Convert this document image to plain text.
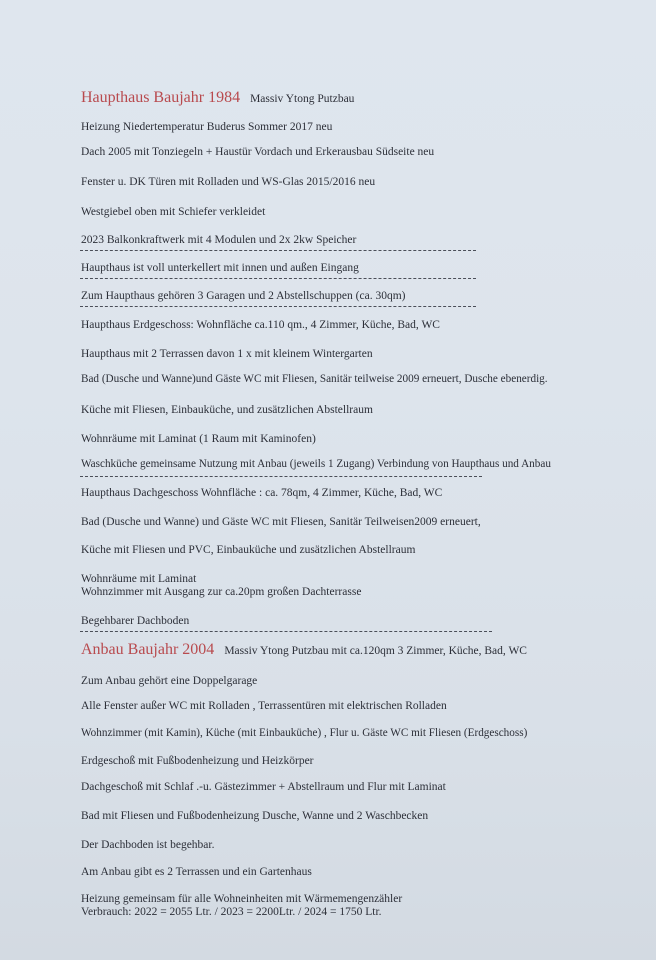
Haupthaus Baujahr 1984 Massiv Ytong Putzbau
Heizung Niedertemperatur Buderus Sommer 2017 neu
Dach 2005 mit Tonziegeln + Haustür Vordach und Erkerausbau Südseite neu
Fenster u. DK Türen mit Rolladen und WS-Glas 2015/2016 neu
Westgiebel oben mit Schiefer verkleidet
2023 Balkonkraftwerk mit 4 Modulen und 2x 2kw Speicher
Haupthaus ist voll unterkellert mit innen und außen Eingang
Zum Haupthaus gehören 3 Garagen und 2 Abstellschuppen (ca. 30qm)
Haupthaus Erdgeschoss: Wohnfläche ca.110 qm., 4 Zimmer, Küche, Bad, WC
Haupthaus mit 2 Terrassen davon 1 x mit kleinem Wintergarten
Bad (Dusche und Wanne)und Gäste WC mit Fliesen, Sanitär teilweise 2009 erneuert, Dusche ebenerdig.
Küche mit Fliesen, Einbauküche, und zusätzlichen Abstellraum
Wohnräume mit Laminat (1 Raum mit Kaminofen)
Waschküche gemeinsame Nutzung mit Anbau (jeweils 1 Zugang) Verbindung von Haupthaus und Anbau
Haupthaus Dachgeschoss Wohnfläche : ca. 78qm, 4 Zimmer, Küche, Bad, WC
Bad (Dusche und Wanne) und Gäste WC mit Fliesen, Sanitär Teilweisen2009 erneuert,
Küche mit Fliesen und PVC, Einbauküche und zusätzlichen Abstellraum
Wohnräume mit Laminat
Wohnzimmer mit Ausgang zur ca.20pm großen Dachterrasse
Begehbarer Dachboden
Anbau Baujahr 2004 Massiv Ytong Putzbau mit ca.120qm 3 Zimmer, Küche, Bad, WC
Zum Anbau gehört eine Doppelgarage
Alle Fenster außer WC mit Rolladen , Terrassentüren mit elektrischen Rolladen
Wohnzimmer (mit Kamin), Küche (mit Einbauküche) , Flur u. Gäste WC mit Fliesen (Erdgeschoss)
Erdgeschoß mit Fußbodenheizung und Heizkörper
Dachgeschoß mit Schlaf .-u. Gästezimmer + Abstellraum und Flur mit Laminat
Bad mit Fliesen und Fußbodenheizung Dusche, Wanne und 2 Waschbecken
Der Dachboden ist begehbar.
Am Anbau gibt es 2 Terrassen und ein Gartenhaus
Heizung gemeinsam für alle Wohneinheiten mit Wärmemengenzähler
Verbrauch: 2022 = 2055 Ltr. / 2023 = 2200Ltr. / 2024 = 1750 Ltr.
